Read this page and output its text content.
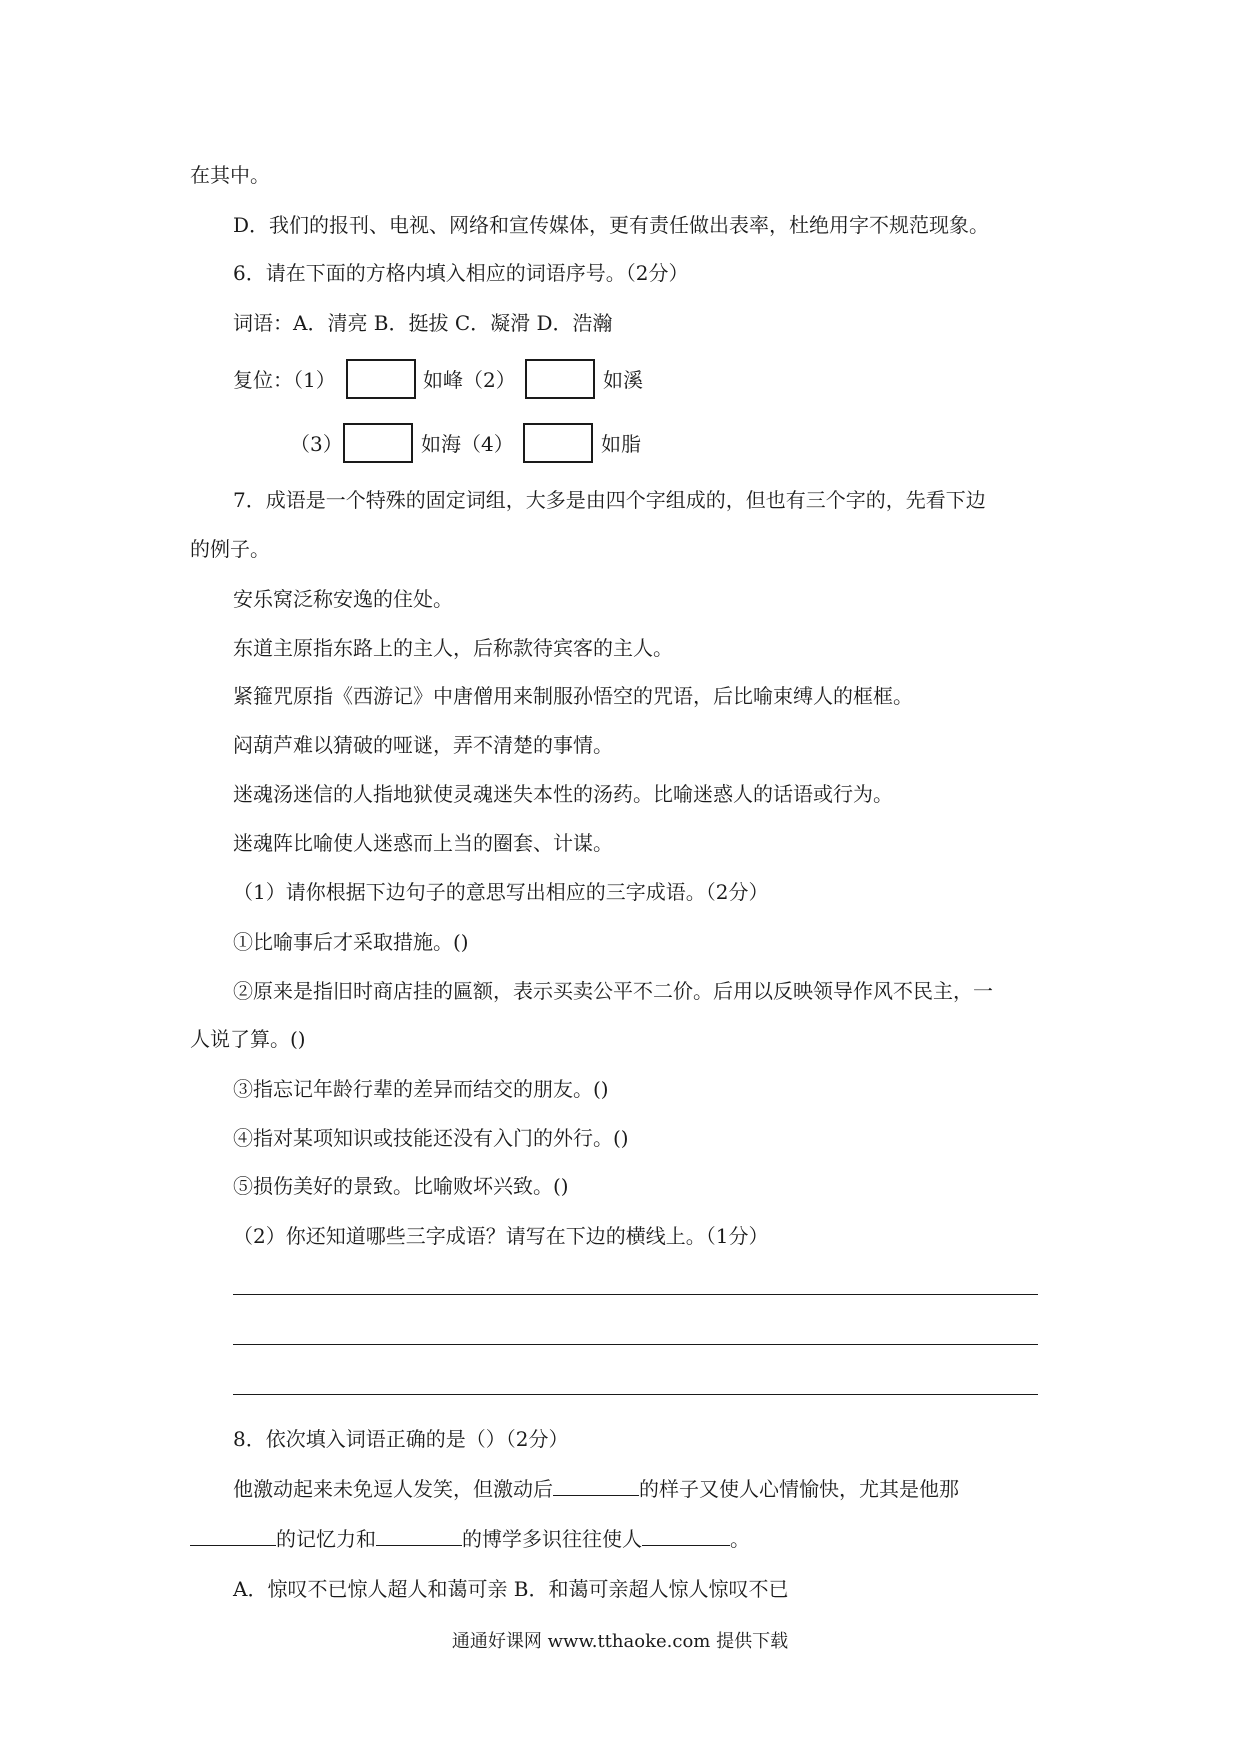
在其中。
D．我们的报刊、电视、网络和宣传媒体，更有责任做出表率，杜绝用字不规范现象。
6．请在下面的方格内填入相应的词语序号。（2分）
词语：A．清亮 B．挺拔 C．凝滑 D．浩瀚
复位：（1）	如峰（2）	如溪
（3）	如海（4）	如脂
7．成语是一个特殊的固定词组，大多是由四个字组成的，但也有三个字的，先看下边
的例子。
安乐窝泛称安逸的住处。
东道主原指东路上的主人，后称款待宾客的主人。
紧箍咒原指《西游记》中唐僧用来制服孙悟空的咒语，后比喻束缚人的框框。
闷葫芦难以猜破的哑谜，弄不清楚的事情。
迷魂汤迷信的人指地狱使灵魂迷失本性的汤药。比喻迷惑人的话语或行为。
迷魂阵比喻使人迷惑而上当的圈套、计谋。
（1）请你根据下边句子的意思写出相应的三字成语。（2分）
①比喻事后才采取措施。()
②原来是指旧时商店挂的匾额，表示买卖公平不二价。后用以反映领导作风不民主，一
人说了算。()
③指忘记年龄行辈的差异而结交的朋友。()
④指对某项知识或技能还没有入门的外行。()
⑤损伤美好的景致。比喻败坏兴致。()
（2）你还知道哪些三字成语？请写在下边的横线上。（1分）
8．依次填入词语正确的是（）（2分）
他激动起来未免逗人发笑，但激动后	的样子又使人心情愉快，尤其是他那
的记忆力和	的博学多识往往使人	。
A．惊叹不已惊人超人和蔼可亲 B．和蔼可亲超人惊人惊叹不已
通通好课网 www.tthaoke.com 提供下载
